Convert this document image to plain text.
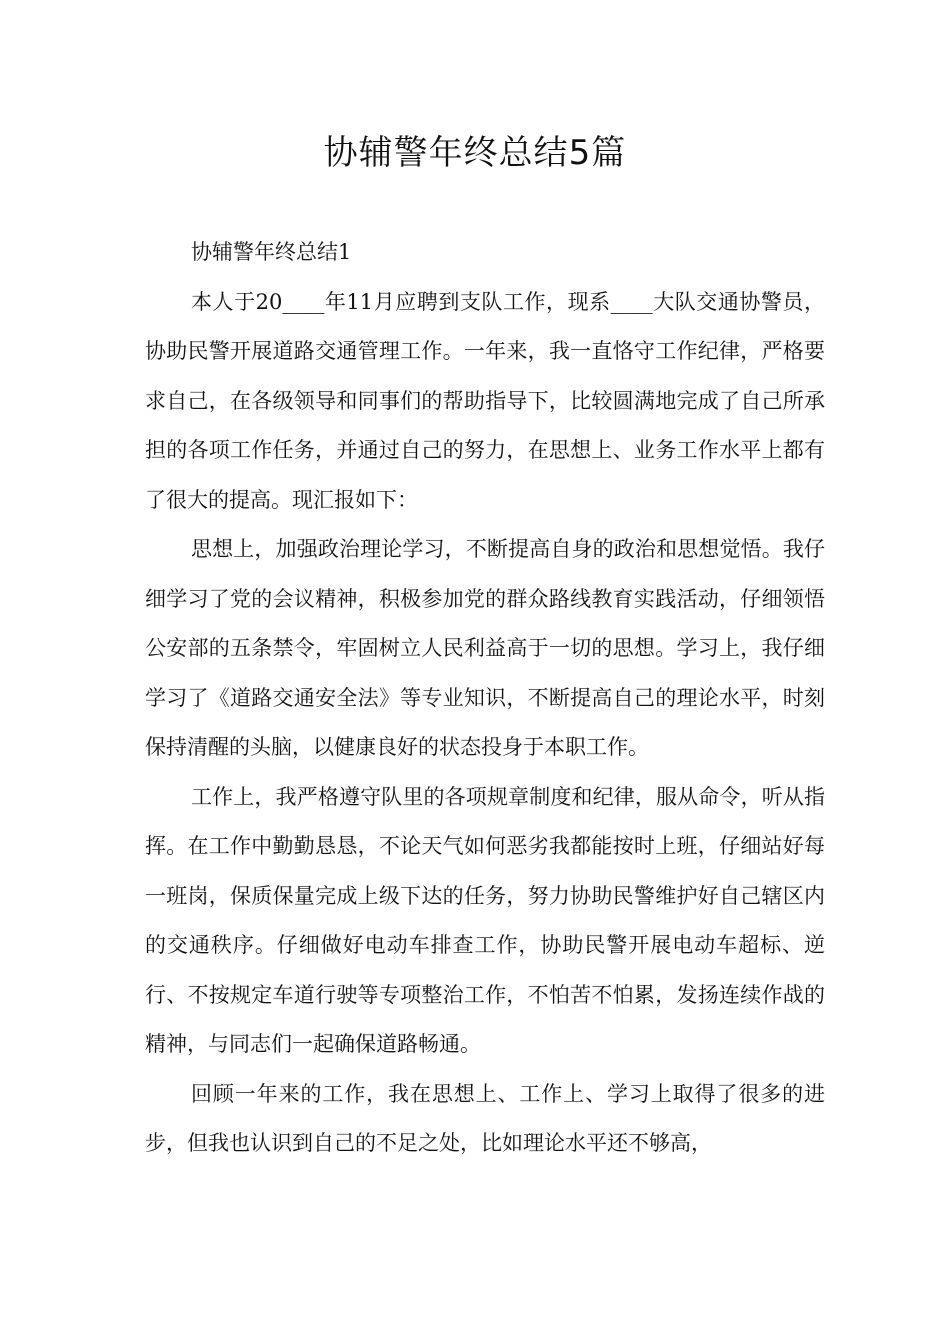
协辅警年终总结5篇

协辅警年终总结1

本人于20____年11月应聘到支队工作，现系____大队交通协警员，协助民警开展道路交通管理工作。一年来，我一直恪守工作纪律，严格要求自己，在各级领导和同事们的帮助指导下，比较圆满地完成了自己所承担的各项工作任务，并通过自己的努力，在思想上、业务工作水平上都有了很大的提高。现汇报如下：

思想上，加强政治理论学习，不断提高自身的政治和思想觉悟。我仔细学习了党的会议精神，积极参加党的群众路线教育实践活动，仔细领悟公安部的五条禁令，牢固树立人民利益高于一切的思想。学习上，我仔细学习了《道路交通安全法》等专业知识，不断提高自己的理论水平，时刻保持清醒的头脑，以健康良好的状态投身于本职工作。

工作上，我严格遵守队里的各项规章制度和纪律，服从命令，听从指挥。在工作中勤勤恳恳，不论天气如何恶劣我都能按时上班，仔细站好每一班岗，保质保量完成上级下达的任务，努力协助民警维护好自己辖区内的交通秩序。仔细做好电动车排查工作，协助民警开展电动车超标、逆行、不按规定车道行驶等专项整治工作，不怕苦不怕累，发扬连续作战的精神，与同志们一起确保道路畅通。

回顾一年来的工作，我在思想上、工作上、学习上取得了很多的进步，但我也认识到自己的不足之处，比如理论水平还不够高，
